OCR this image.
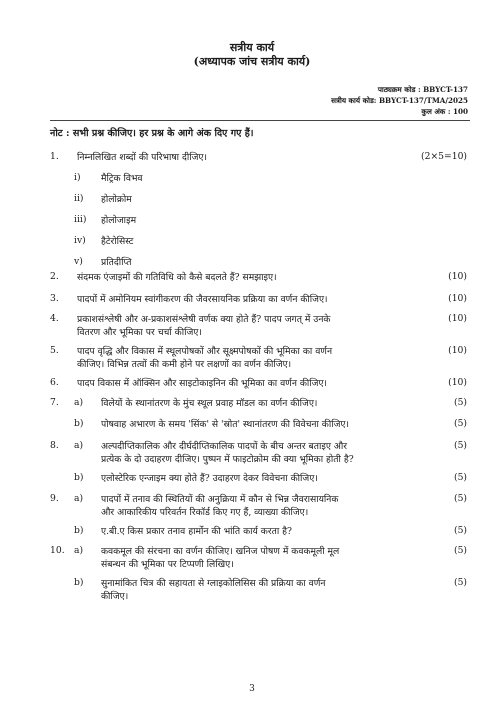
सत्रीय कार्य
(अध्यापक जांच सत्रीय कार्य)
पाठ्यक्रम कोड : BBYCT-137
सत्रीय कार्य कोड: BBYCT-137/TMA/2025
कुल अंक : 100
नोट : सभी प्रश्न कीजिए। हर प्रश्न के आगे अंक दिए गए हैं।
1.	निम्नलिखित शब्दों की परिभाषा दीजिए।	(2×5=10)
i) मैट्रिक विभव
ii) होलोक्रोम
iii) होलोजाइम
iv) हैटेरोसिस्ट
v) प्रतिदीप्ति
2.	संदमक एंजाइमों की गतिविधि को कैसे बदलते हैं? समझाइए।	(10)
3.	पादपों में अमोनियम स्वांगीकरण की जैवरसायनिक प्रक्रिया का वर्णन कीजिए।	(10)
4.	प्रकाशसंश्लेषी और अ-प्रकाशसंश्लेषी वर्णक क्या होते हैं? पादप जगत् में उनके
वितरण और भूमिका पर चर्चा कीजिए।
(10)
5.	पादप वृद्धि और विकास में स्थूलपोषकों और सूक्ष्मपोषकों की भूमिका का वर्णन
कीजिए। विभिन्न तत्वों की कमी होने पर लक्षणों का वर्णन कीजिए।
(10)
6.	पादप विकास में ऑक्सिन और साइटोकाइनिन की भूमिका का वर्णन कीजिए।	(10)
7.	a) विलेयों के स्थानांतरण के मुंच स्थूल प्रवाह मॉडल का वर्णन कीजिए।	(5)
b) पोषवाह अभारण के समय 'सिंक' से 'स्रोत' स्थानांतरण की विवेचना कीजिए।	(5)
8.	a) अल्पदीप्तिकालिक और दीर्घदीप्तिकालिक पादपों के बीच अन्तर बताइए और
प्रत्येक के दो उदाहरण दीजिए। पुष्पन में फाइटोक्रोम की क्या भूमिका होती है?
(5)
b) एलोस्टेरिक एन्जाइम क्या होते हैं? उदाहरण देकर विवेचना कीजिए।	(5)
9.	a) पादपों में तनाव की स्थितियों की अनुक्रिया में कौन से भिन्न जैवरासायनिक
और आकारिकीय परिवर्तन रिकॉर्ड किए गए हैं, व्याख्या कीजिए।
(5)
b) ए.बी.ए किस प्रकार तनाव हार्मोन की भांति कार्य करता है?	(5)
10.	a) कवकमूल की संरचना का वर्णन कीजिए। खनिज पोषण में कवकमूली मूल
संबन्धन की भूमिका पर टिप्पणी लिखिए।
(5)
b) सुनामांकित चित्र की सहायता से ग्लाइकोलिसिस की प्रक्रिया का वर्णन
कीजिए।
(5)
3
